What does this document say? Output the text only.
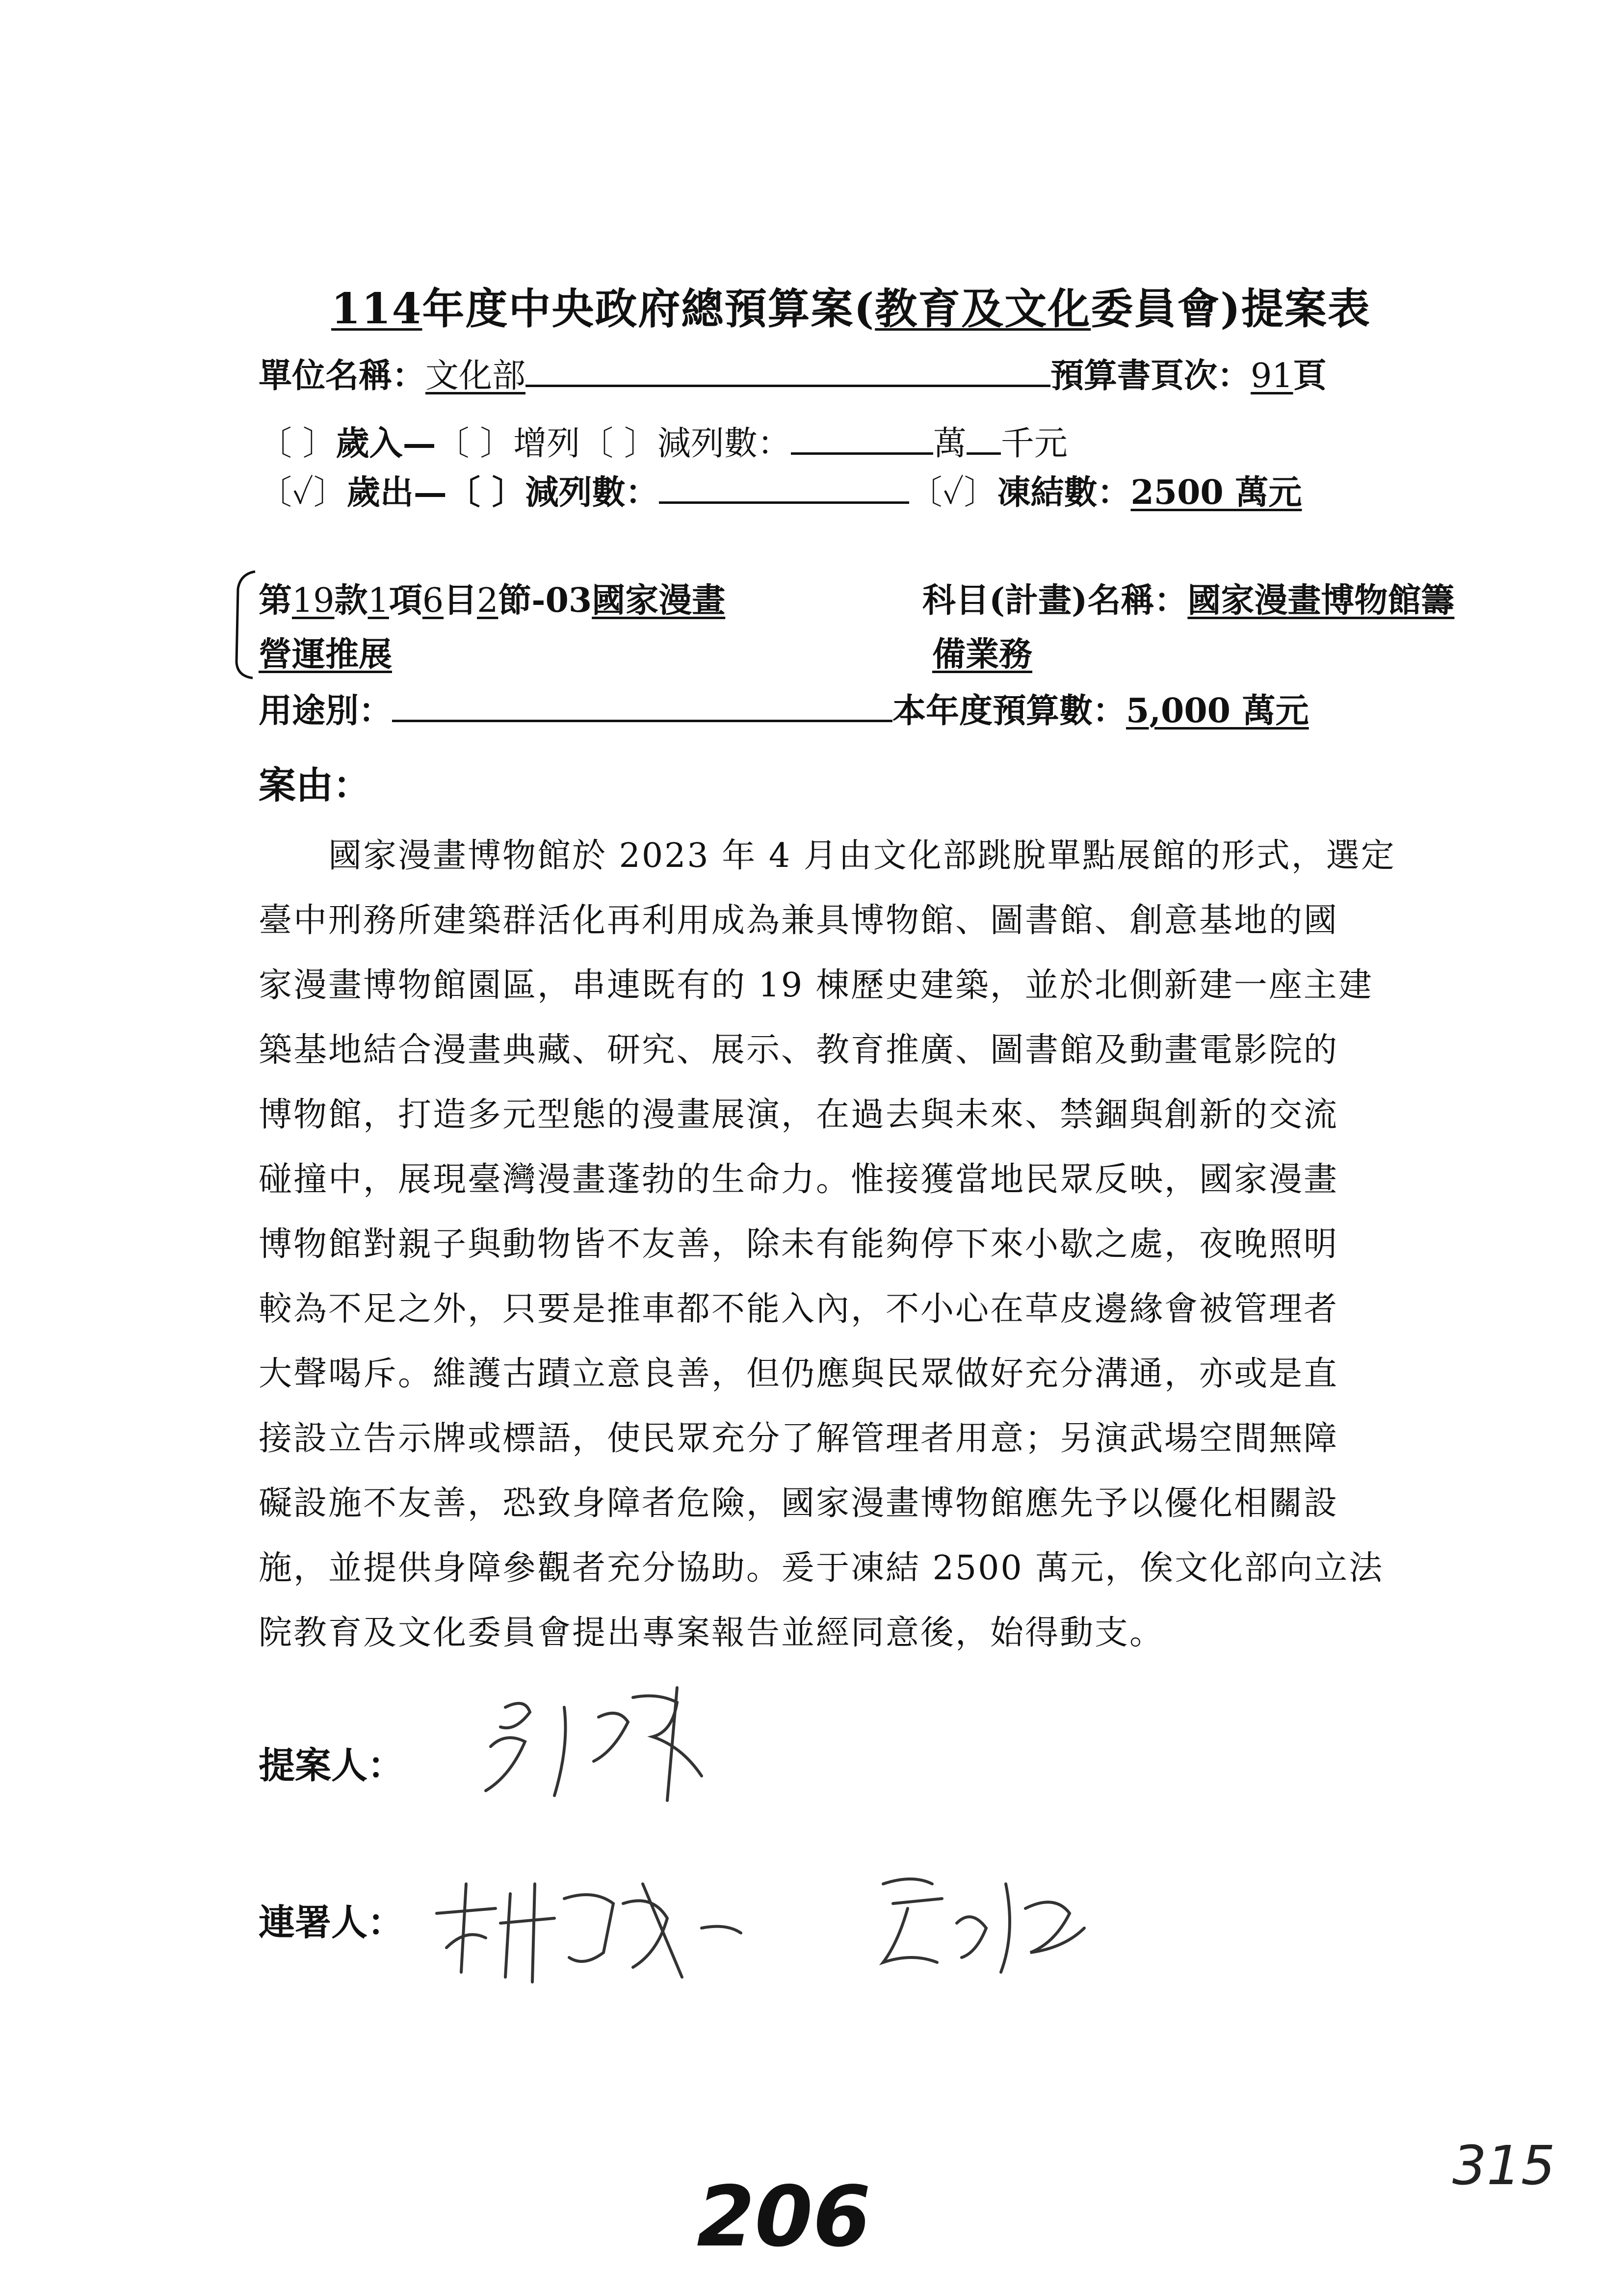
114年度中央政府總預算案(教育及文化委員會)提案表
單位名稱：文化部	預算書頁次：91頁
〔 〕歲入—〔 〕增列〔 〕減列數：	萬 千元
〔✓〕歲出—〔 〕減列數：	〔✓〕凍結數：2500 萬元
第19款1項6目2節-03國家漫畫
營運推展
科目(計畫)名稱：國家漫畫博物館籌
備業務
用途別：	本年度預算數：5,000 萬元
案由：
　　國家漫畫博物館於 2023 年 4 月由文化部跳脫單點展館的形式，選定
臺中刑務所建築群活化再利用成為兼具博物館、圖書館、創意基地的國
家漫畫博物館園區，串連既有的 19 棟歷史建築，並於北側新建一座主建
築基地結合漫畫典藏、研究、展示、教育推廣、圖書館及動畫電影院的
博物館，打造多元型態的漫畫展演，在過去與未來、禁錮與創新的交流
碰撞中，展現臺灣漫畫蓬勃的生命力。惟接獲當地民眾反映，國家漫畫
博物館對親子與動物皆不友善，除未有能夠停下來小歇之處，夜晚照明
較為不足之外，只要是推車都不能入內，不小心在草皮邊緣會被管理者
大聲喝斥。維護古蹟立意良善，但仍應與民眾做好充分溝通，亦或是直
接設立告示牌或標語，使民眾充分了解管理者用意；另演武場空間無障
礙設施不友善，恐致身障者危險，國家漫畫博物館應先予以優化相關設
施，並提供身障參觀者充分協助。爰于凍結 2500 萬元，俟文化部向立法
院教育及文化委員會提出專案報告並經同意後，始得動支。
提案人：
連署人：
206
315
